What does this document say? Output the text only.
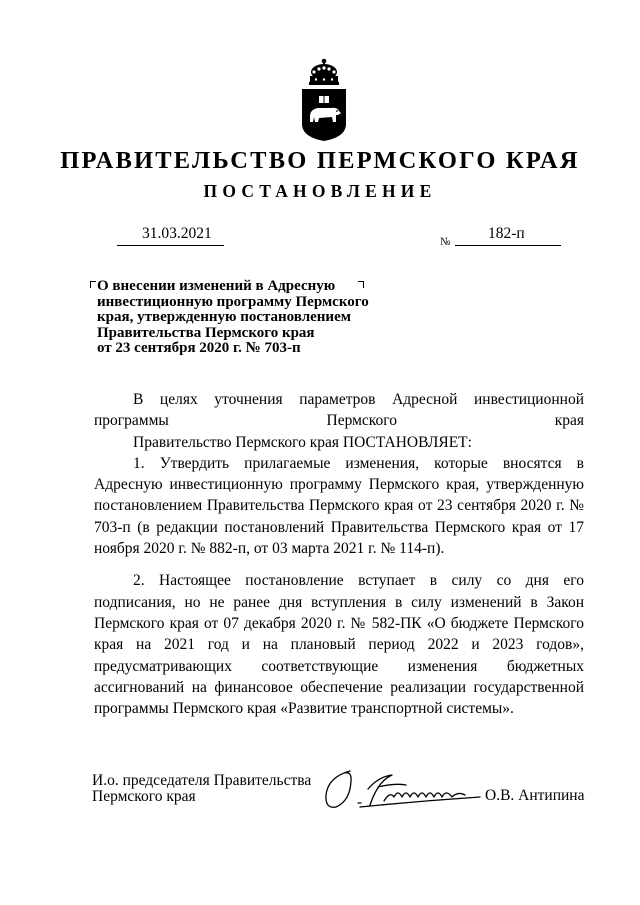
ПРАВИТЕЛЬСТВО ПЕРМСКОГО КРАЯ
ПОСТАНОВЛЕНИЕ
31.03.2021	№ 182-п
О внесении изменений в Адресную
инвестиционную программу Пермского
края, утвержденную постановлением
Правительства Пермского края
от 23 сентября 2020 г. № 703-п

В целях уточнения параметров Адресной инвестиционной программы Пермского края

Правительство Пермского края ПОСТАНОВЛЯЕТ:

1. Утвердить прилагаемые изменения, которые вносятся в Адресную инвестиционную программу Пермского края, утвержденную постановлением Правительства Пермского края от 23 сентября 2020 г. № 703-п (в редакции постановлений Правительства Пермского края от 17 ноября 2020 г. № 882-п, от 03 марта 2021 г. № 114-п).

2. Настоящее постановление вступает в силу со дня его подписания, но не ранее дня вступления в силу изменений в Закон Пермского края от 07 декабря 2020 г. № 582-ПК «О бюджете Пермского края на 2021 год и на плановый период 2022 и 2023 годов», предусматривающих соответствующие изменения бюджетных ассигнований на финансовое обеспечение реализации государственной программы Пермского края «Развитие транспортной системы».

И.о. председателя Правительства
Пермского края	О.В. Антипина
